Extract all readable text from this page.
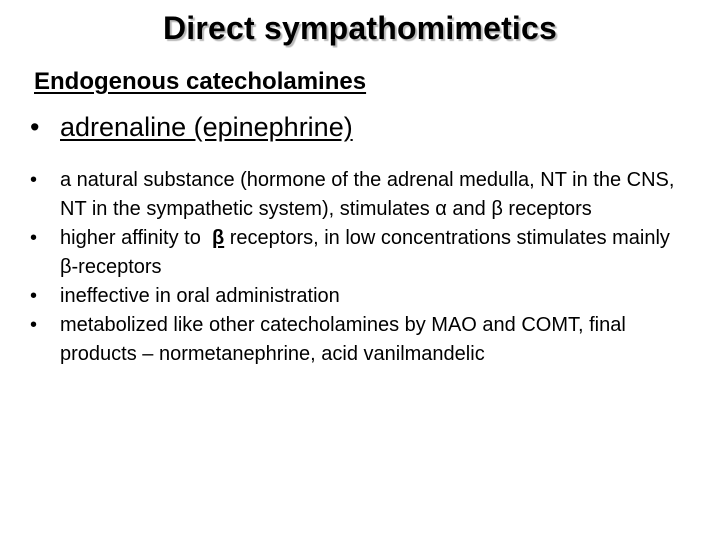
Direct sympathomimetics
Endogenous catecholamines
• adrenaline (epinephrine)
•	a natural substance (hormone of the adrenal medulla, NT in the CNS, NT in the sympathetic system), stimulates α and β receptors
•	higher affinity to  β receptors, in low concentrations stimulates mainly β-receptors
•	ineffective in oral administration
•	metabolized like other catecholamines by MAO and COMT, final products – normetanephrine, acid vanilmandelic
